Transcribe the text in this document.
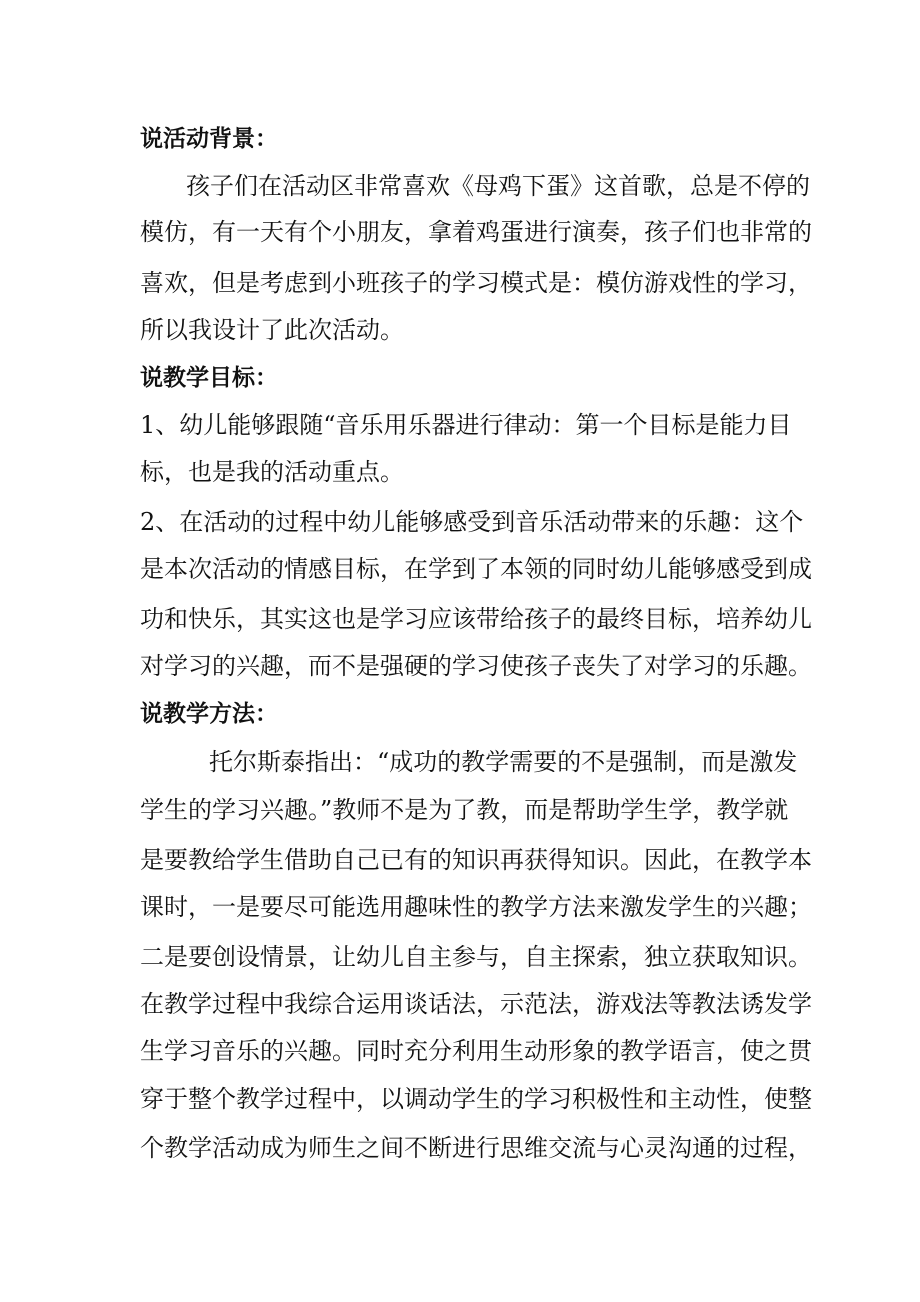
说活动背景：
孩子们在活动区非常喜欢《母鸡下蛋》这首歌，总是不停的
模仿，有一天有个小朋友，拿着鸡蛋进行演奏，孩子们也非常的
喜欢，但是考虑到小班孩子的学习模式是：模仿游戏性的学习，
所以我设计了此次活动。
说教学目标：
1、幼儿能够跟随“音乐用乐器进行律动：第一个目标是能力目
标，也是我的活动重点。
2、在活动的过程中幼儿能够感受到音乐活动带来的乐趣：这个
是本次活动的情感目标，在学到了本领的同时幼儿能够感受到成
功和快乐，其实这也是学习应该带给孩子的最终目标，培养幼儿
对学习的兴趣，而不是强硬的学习使孩子丧失了对学习的乐趣。
说教学方法：
托尔斯泰指出：“成功的教学需要的不是强制，而是激发
学生的学习兴趣。”教师不是为了教，而是帮助学生学，教学就
是要教给学生借助自己已有的知识再获得知识。因此，在教学本
课时，一是要尽可能选用趣味性的教学方法来激发学生的兴趣；
二是要创设情景，让幼儿自主参与，自主探索，独立获取知识。
在教学过程中我综合运用谈话法，示范法，游戏法等教法诱发学
生学习音乐的兴趣。同时充分利用生动形象的教学语言，使之贯
穿于整个教学过程中，以调动学生的学习积极性和主动性，使整
个教学活动成为师生之间不断进行思维交流与心灵沟通的过程，
